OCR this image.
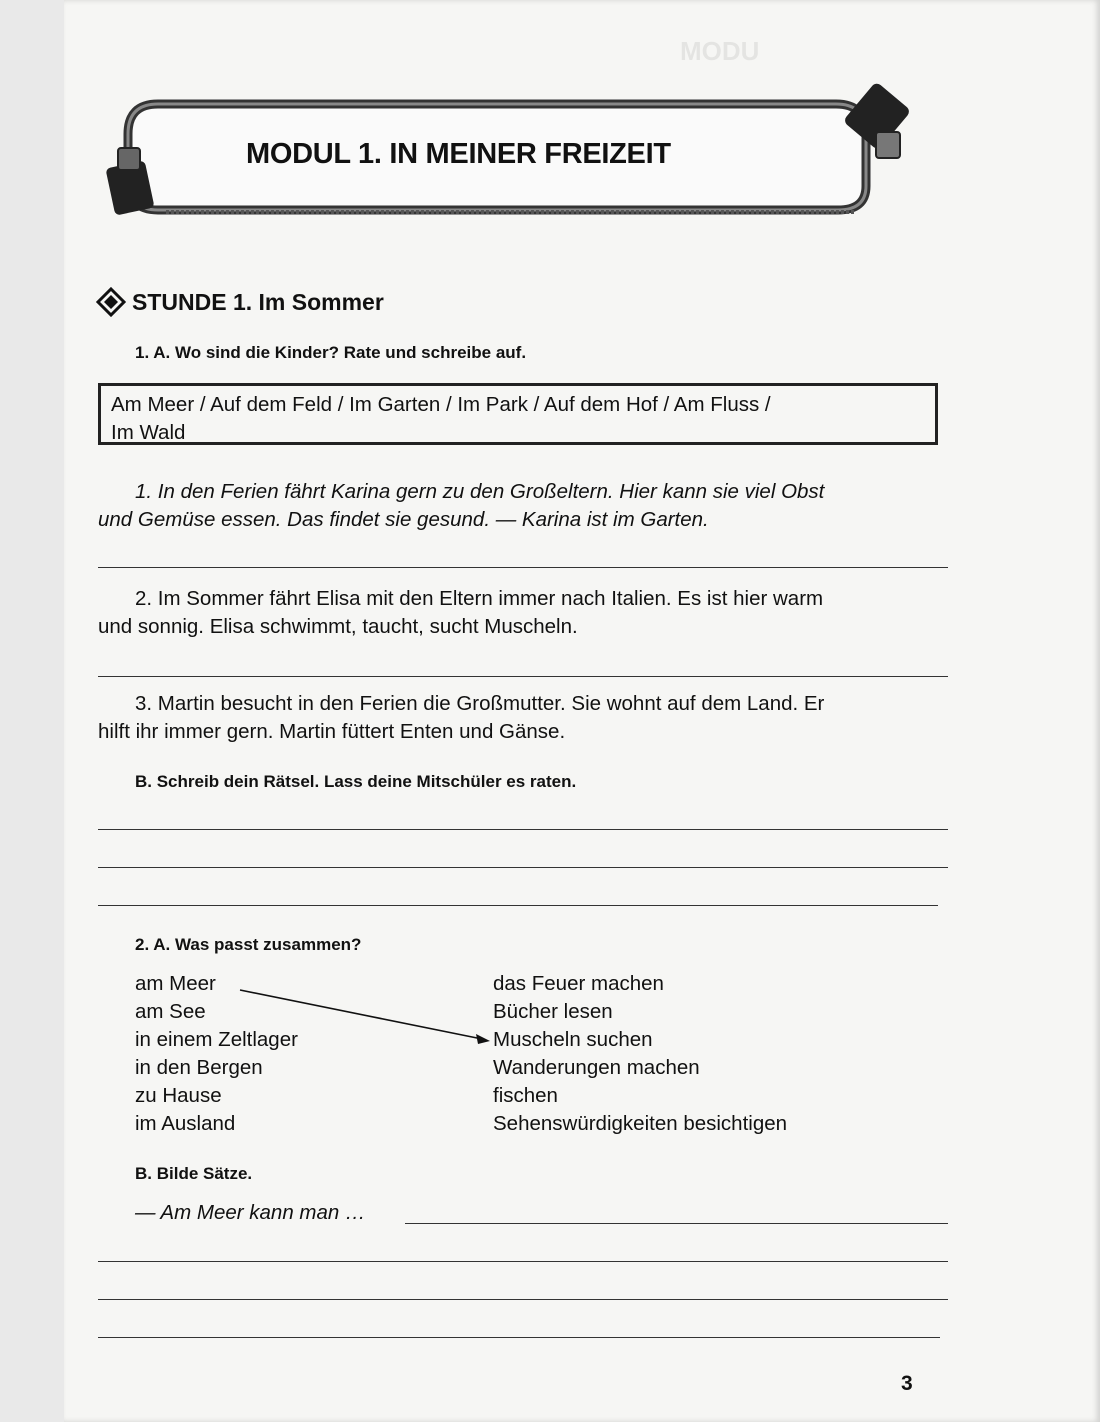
MODU
MODUL 1. IN MEINER FREIZEIT
STUNDE 1. Im Sommer
1. A. Wo sind die Kinder? Rate und schreibe auf.
Am Meer / Auf dem Feld / Im Garten / Im Park / Auf dem Hof / Am Fluss /
Im Wald
1. In den Ferien fährt Karina gern zu den Großeltern. Hier kann sie viel Obst
und Gemüse essen. Das findet sie gesund. — Karina ist im Garten.
2. Im Sommer fährt Elisa mit den Eltern immer nach Italien. Es ist hier warm
und sonnig. Elisa schwimmt, taucht, sucht Muscheln.
3. Martin besucht in den Ferien die Großmutter. Sie wohnt auf dem Land. Er
hilft ihr immer gern. Martin füttert Enten und Gänse.
B. Schreib dein Rätsel. Lass deine Mitschüler es raten.
2. A. Was passt zusammen?
am Meer
am See
in einem Zeltlager
in den Bergen
zu Hause
im Ausland
das Feuer machen
Bücher lesen
Muscheln suchen
Wanderungen machen
fischen
Sehenswürdigkeiten besichtigen
B. Bilde Sätze.
— Am Meer kann man …
3
